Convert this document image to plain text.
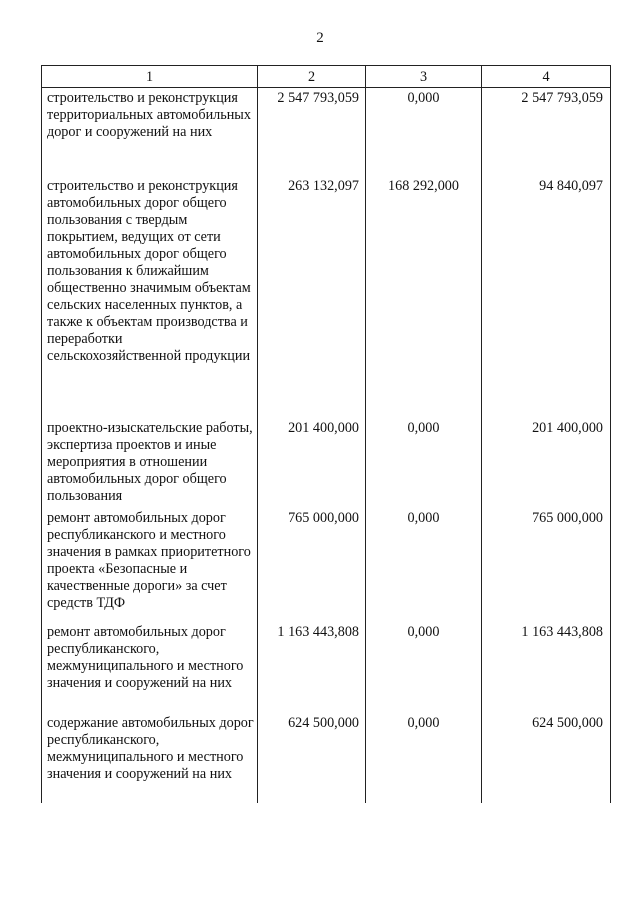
2
1	2	3	4
строительство и реконструкция территориальных автомобильных дорог и сооружений на них	2 547 793,059	0,000	2 547 793,059
строительство и реконструкция автомобильных дорог общего пользования с твердым покрытием, ведущих от сети автомобильных дорог общего пользования к ближайшим общественно значимым объектам сельских населенных пунктов, а также к объектам производства и переработки сельскохозяйственной продукции	263 132,097	168 292,000	94 840,097
проектно-изыскательские работы, экспертиза проектов и иные мероприятия в отношении автомобильных дорог общего пользования	201 400,000	0,000	201 400,000
ремонт автомобильных дорог республиканского и местного значения в рамках приоритетного проекта «Безопасные и качественные дороги» за счет средств ТДФ	765 000,000	0,000	765 000,000
ремонт автомобильных дорог республиканского, межмуниципального и местного значения и сооружений на них	1 163 443,808	0,000	1 163 443,808
содержание автомобильных дорог республиканского, межмуниципального и местного значения и сооружений на них	624 500,000	0,000	624 500,000
